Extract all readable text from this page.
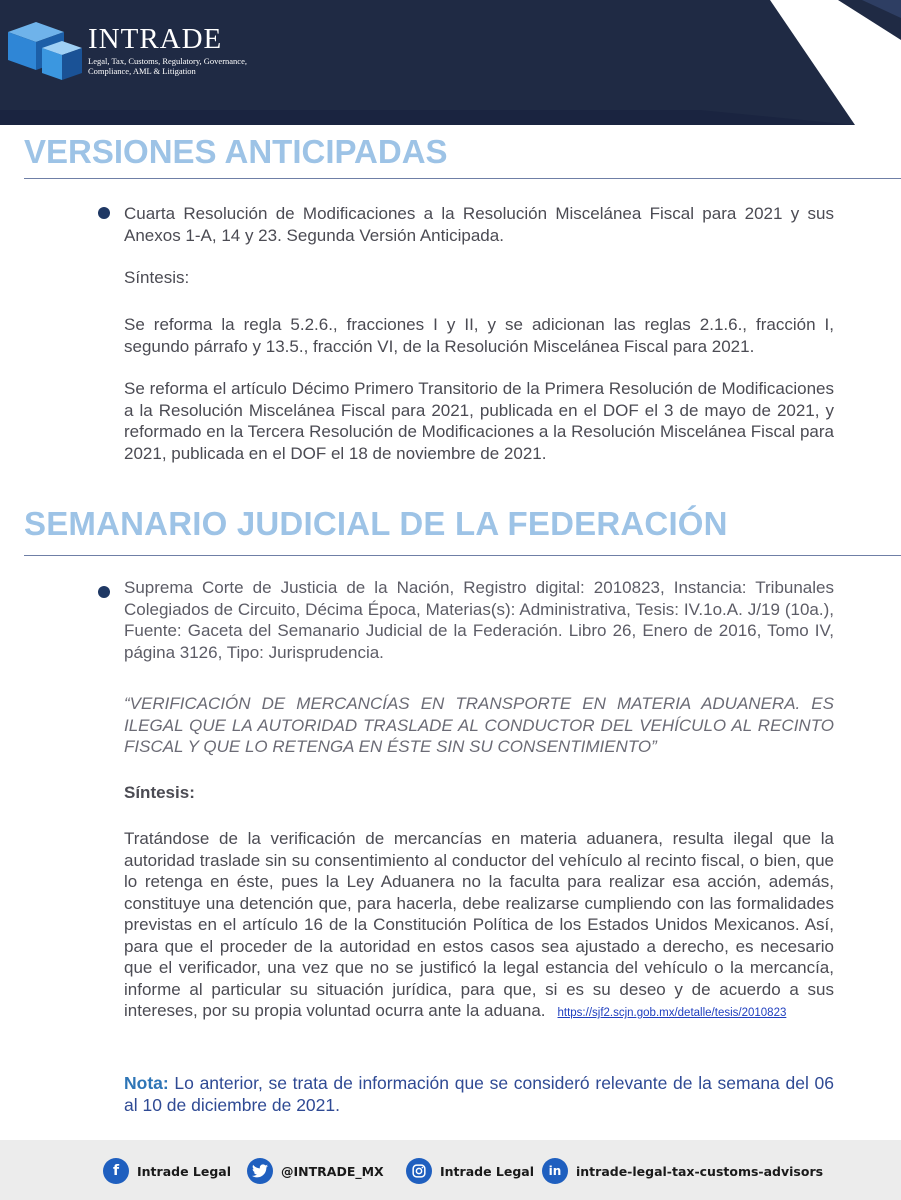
INTRADE
Legal, Tax, Customs, Regulatory, Governance, Compliance, AML & Litigation
VERSIONES ANTICIPADAS
Cuarta Resolución de Modificaciones a la Resolución Miscelánea Fiscal para 2021 y sus Anexos 1-A, 14 y 23. Segunda Versión Anticipada.
Síntesis:
Se reforma la regla 5.2.6., fracciones I y II, y se adicionan las reglas 2.1.6., fracción I, segundo párrafo y 13.5., fracción VI, de la Resolución Miscelánea Fiscal para 2021.
Se reforma el artículo Décimo Primero Transitorio de la Primera Resolución de Modificaciones a la Resolución Miscelánea Fiscal para 2021, publicada en el DOF el 3 de mayo de 2021, y reformado en la Tercera Resolución de Modificaciones a la Resolución Miscelánea Fiscal para 2021, publicada en el DOF el 18 de noviembre de 2021.
SEMANARIO JUDICIAL DE LA FEDERACIÓN
Suprema Corte de Justicia de la Nación, Registro digital: 2010823, Instancia: Tribunales Colegiados de Circuito, Décima Época, Materias(s): Administrativa, Tesis: IV.1o.A. J/19 (10a.), Fuente: Gaceta del Semanario Judicial de la Federación. Libro 26, Enero de 2016, Tomo IV, página 3126, Tipo: Jurisprudencia.
“VERIFICACIÓN DE MERCANCÍAS EN TRANSPORTE EN MATERIA ADUANERA. ES ILEGAL QUE LA AUTORIDAD TRASLADE AL CONDUCTOR DEL VEHÍCULO AL RECINTO FISCAL Y QUE LO RETENGA EN ÉSTE SIN SU CONSENTIMIENTO”
Síntesis:
Tratándose de la verificación de mercancías en materia aduanera, resulta ilegal que la autoridad traslade sin su consentimiento al conductor del vehículo al recinto fiscal, o bien, que lo retenga en éste, pues la Ley Aduanera no la faculta para realizar esa acción, además, constituye una detención que, para hacerla, debe realizarse cumpliendo con las formalidades previstas en el artículo 16 de la Constitución Política de los Estados Unidos Mexicanos. Así, para que el proceder de la autoridad en estos casos sea ajustado a derecho, es necesario que el verificador, una vez que no se justificó la legal estancia del vehículo o la mercancía, informe al particular su situación jurídica, para que, si es su deseo y de acuerdo a sus intereses, por su propia voluntad ocurra ante la aduana. https://sjf2.scjn.gob.mx/detalle/tesis/2010823
Nota: Lo anterior, se trata de información que se consideró relevante de la semana del 06 al 10 de diciembre de 2021.
f	Intrade Legal	@INTRADE_MX	Intrade Legal	in	intrade-legal-tax-customs-advisors
